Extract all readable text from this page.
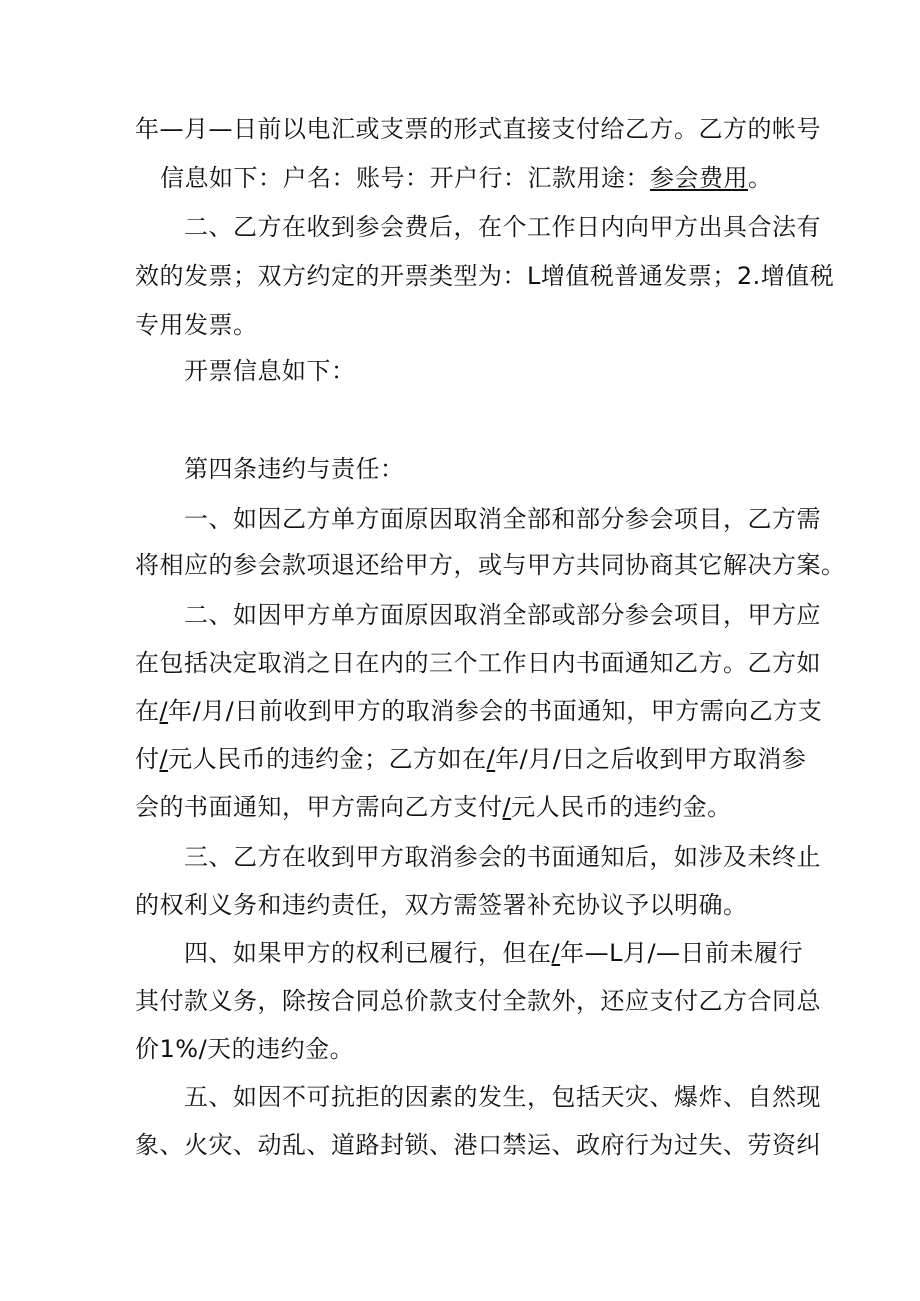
年—月—日前以电汇或支票的形式直接支付给乙方。乙方的帐号
信息如下：户名：账号：开户行：汇款用途：参会费用。
二、乙方在收到参会费后，在个工作日内向甲方出具合法有
效的发票；双方约定的开票类型为：L增值税普通发票；2.增值税
专用发票。
开票信息如下：
第四条违约与责任：
一、如因乙方单方面原因取消全部和部分参会项目，乙方需
将相应的参会款项退还给甲方，或与甲方共同协商其它解决方案。
二、如因甲方单方面原因取消全部或部分参会项目，甲方应
在包括决定取消之日在内的三个工作日内书面通知乙方。乙方如
在/年/月/日前收到甲方的取消参会的书面通知，甲方需向乙方支
付/元人民币的违约金；乙方如在/年/月/日之后收到甲方取消参
会的书面通知，甲方需向乙方支付/元人民币的违约金。
三、乙方在收到甲方取消参会的书面通知后，如涉及未终止
的权利义务和违约责任，双方需签署补充协议予以明确。
四、如果甲方的权利已履行，但在/年—L月/—日前未履行
其付款义务，除按合同总价款支付全款外，还应支付乙方合同总
价1%/天的违约金。
五、如因不可抗拒的因素的发生，包括天灾、爆炸、自然现
象、火灾、动乱、道路封锁、港口禁运、政府行为过失、劳资纠
